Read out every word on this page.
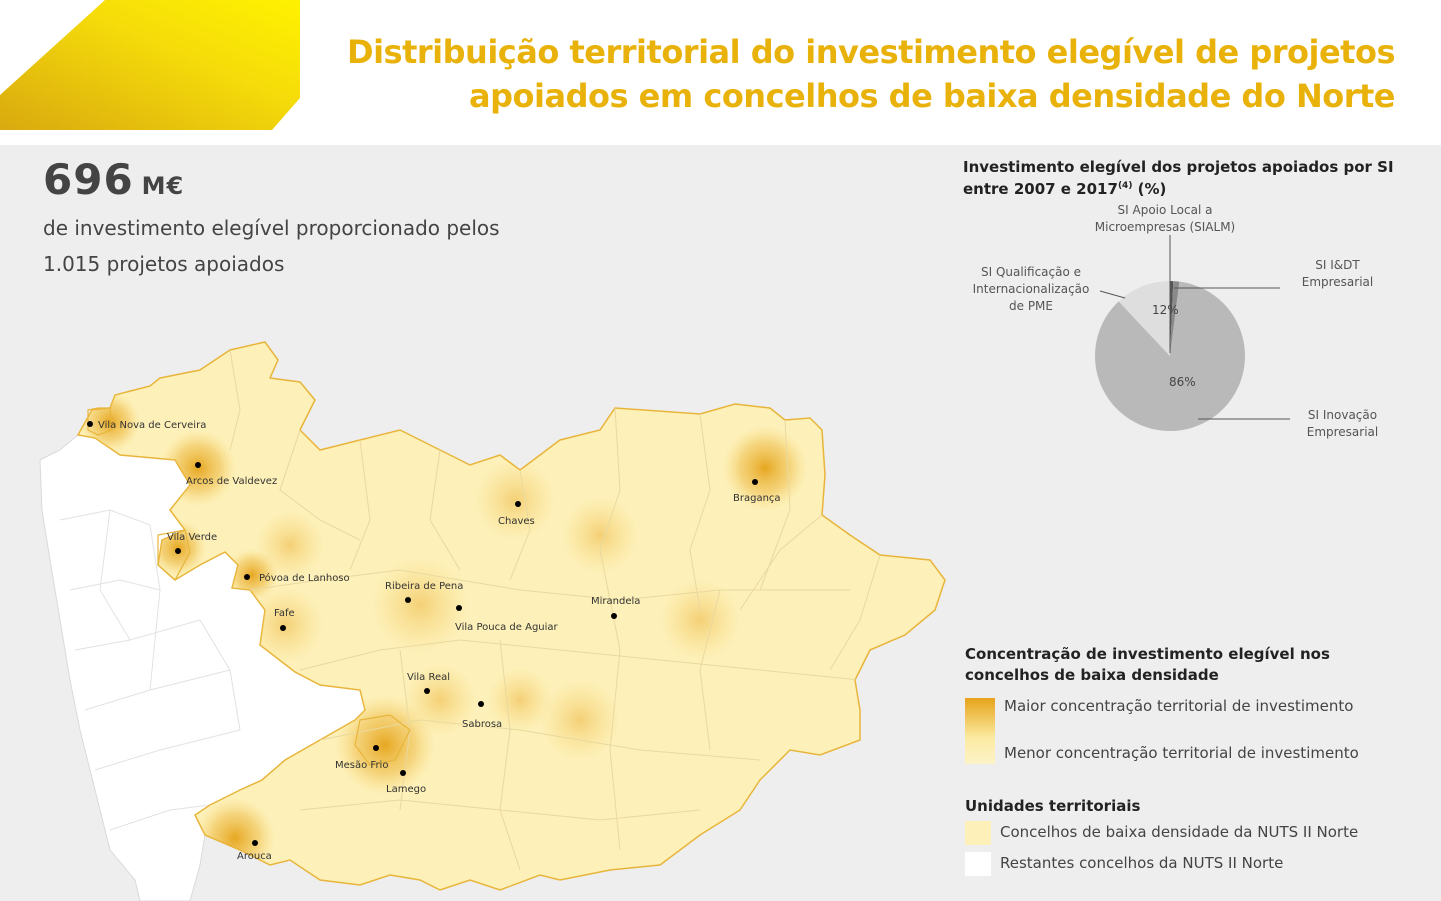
Distribuição territorial do investimento elegível de projetos
apoiados em concelhos de baixa densidade do Norte
696 M€
de investimento elegível proporcionado pelos
1.015 projetos apoiados
Vila Nova de Cerveira
Arcos de Valdevez
Vila Verde
Póvoa de Lanhoso
Fafe
Ribeira de Pena
Vila Pouca de Aguiar
Chaves
Bragança
Mirandela
Vila Real
Sabrosa
Mesão Frio
Lamego
Arouca
Investimento elegível dos projetos apoiados por SI
entre 2007 e 2017$^{(4)}$ (%)
12%
86%
SI Apoio Local a
Microempresas (SIALM)
SI I&DT
Empresarial
SI Qualificação e
Internacionalização
de PME
SI Inovação
Empresarial
Concentração de investimento elegível nos
concelhos de baixa densidade
Maior concentração territorial de investimento
Menor concentração territorial de investimento
Unidades territoriais
Concelhos de baixa densidade da NUTS II Norte
Restantes concelhos da NUTS II Norte
